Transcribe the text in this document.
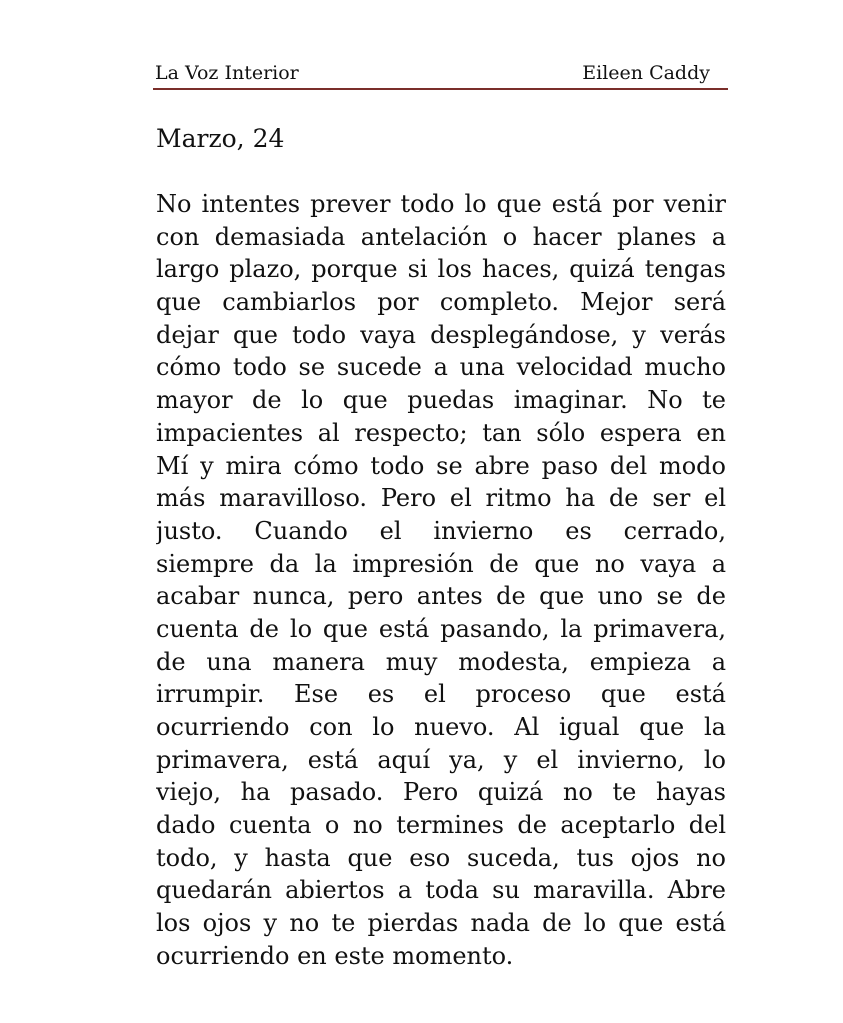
La Voz Interior	Eileen Caddy
Marzo, 24
No intentes prever todo lo que está por venir
con demasiada antelación o hacer planes a
largo plazo, porque si los haces, quizá tengas
que cambiarlos por completo. Mejor será
dejar que todo vaya desplegándose, y verás
cómo todo se sucede a una velocidad mucho
mayor de lo que puedas imaginar. No te
impacientes al respecto; tan sólo espera en
Mí y mira cómo todo se abre paso del modo
más maravilloso. Pero el ritmo ha de ser el
justo. Cuando el invierno es cerrado,
siempre da la impresión de que no vaya a
acabar nunca, pero antes de que uno se de
cuenta de lo que está pasando, la primavera,
de una manera muy modesta, empieza a
irrumpir. Ese es el proceso que está
ocurriendo con lo nuevo. Al igual que la
primavera, está aquí ya, y el invierno, lo
viejo, ha pasado. Pero quizá no te hayas
dado cuenta o no termines de aceptarlo del
todo, y hasta que eso suceda, tus ojos no
quedarán abiertos a toda su maravilla. Abre
los ojos y no te pierdas nada de lo que está
ocurriendo en este momento.
